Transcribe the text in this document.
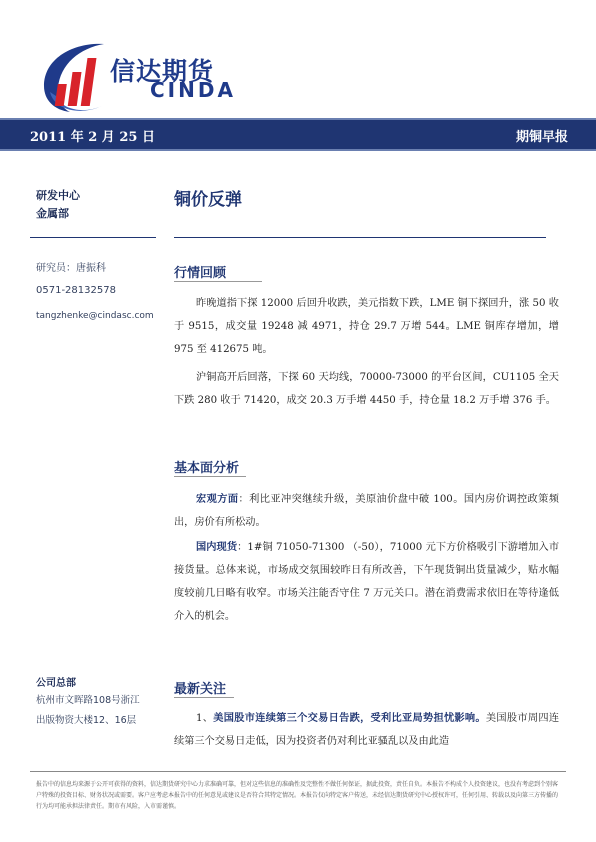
信达期货
CINDA
2011 年 2 月 25 日	期铜早报
研发中心
金属部
研究员：唐振科
0571-28132578
tangzhenke@cindasc.com
公司总部
杭州市文晖路108号浙江
出版物资大楼12、16层
铜价反弹
行情回顾

昨晚道指下探 12000 后回升收跌，美元指数下跌，LME 铜下探回升，涨 50 收于 9515，成交量 19248 减 4971，持仓 29.7 万增 544。LME 铜库存增加，增 975 至 412675 吨。

沪铜高开后回落，下探 60 天均线，70000-73000 的平台区间，CU1105 全天下跌 280 收于 71420，成交 20.3 万手增 4450 手，持仓量 18.2 万手增 376 手。

基本面分析

宏观方面：利比亚冲突继续升级，美原油价盘中破 100。国内房价调控政策频出，房价有所松动。

国内现货：1#铜 71050-71300 （-50），71000 元下方价格吸引下游增加入市接货量。总体来说，市场成交氛围较昨日有所改善，下午现货铜出货量减少，贴水幅度较前几日略有收窄。市场关注能否守住 7 万元关口。潜在消费需求依旧在等待逢低介入的机会。

最新关注

1、美国股市连续第三个交易日告跌，受利比亚局势担忧影响。美国股市周四连续第三个交易日走低，因为投资者仍对利比亚骚乱以及由此造

报告中的信息均来源于公开可获得的资料，信达期货研究中心力求准确可靠，但对这些信息的准确性及完整性不做任何保证，据此投资，责任自负。本报告不构成个人投资建议，也没有考虑到个别客户特殊的投资目标、财务状况或需要。客户应考虑本报告中的任何意见或建议是否符合其特定情况。本报告仅向特定客户传送，未经信达期货研究中心授权许可，任何引用、转载以及向第三方传播的行为均可能承担法律责任。期市有风险，入市需谨慎。
